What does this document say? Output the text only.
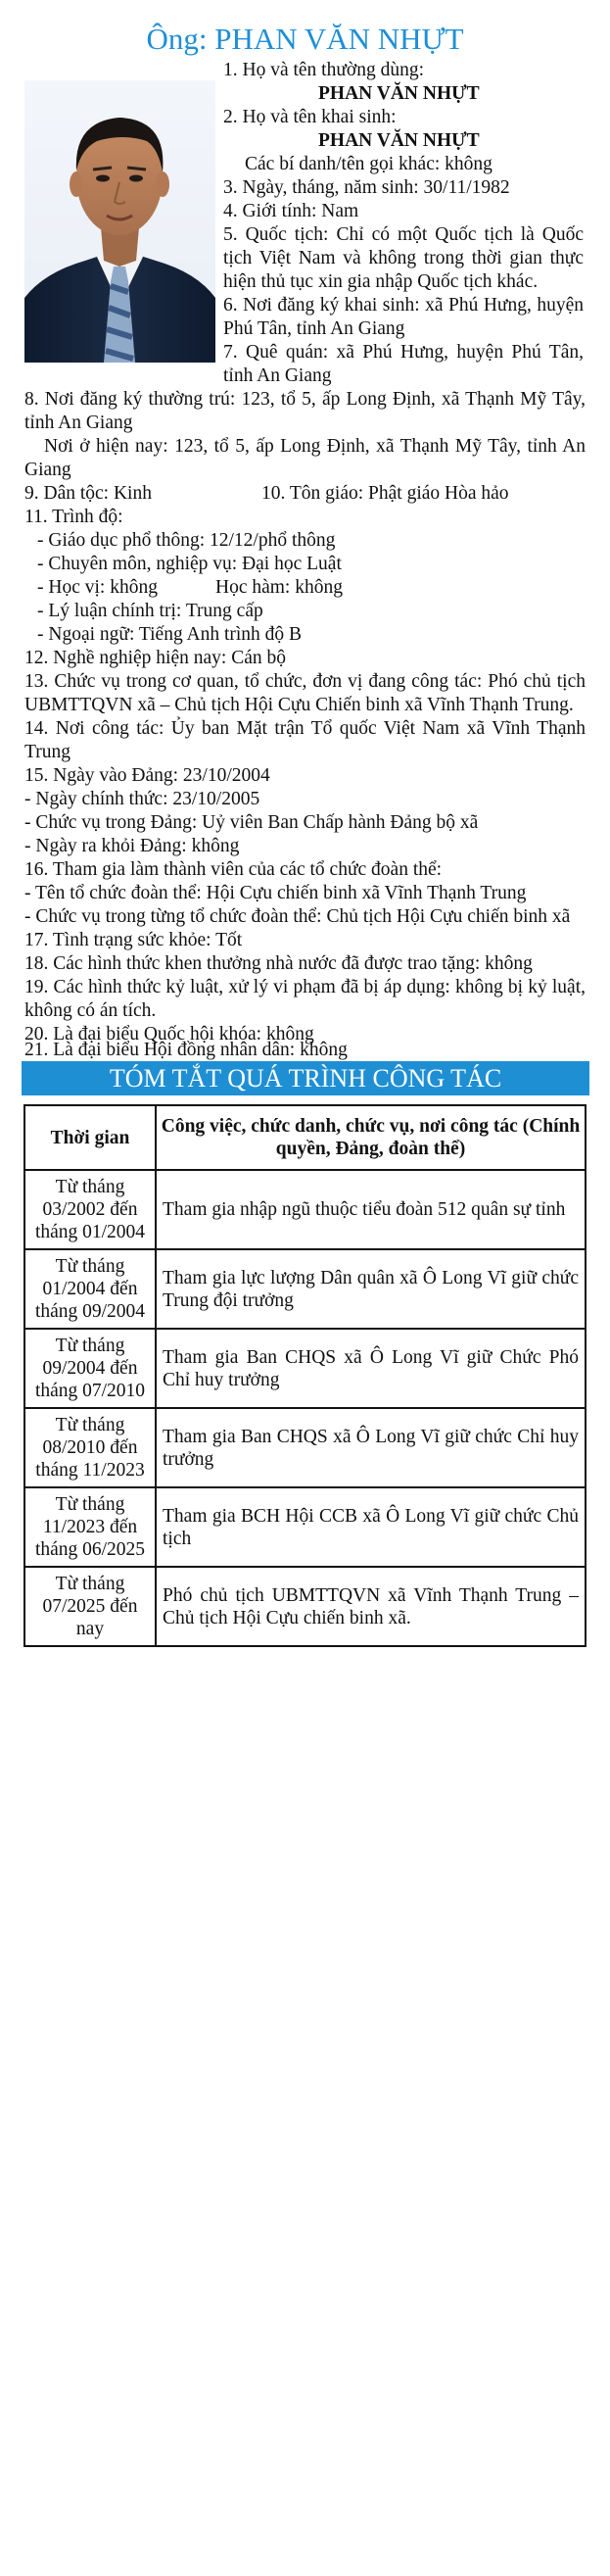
Ông: PHAN VĂN NHỰT
1. Họ và tên thường dùng:
PHAN VĂN NHỰT
2. Họ và tên khai sinh:
PHAN VĂN NHỰT
Các bí danh/tên gọi khác: không
3. Ngày, tháng, năm sinh: 30/11/1982
4. Giới tính: Nam
5. Quốc tịch: Chỉ có một Quốc tịch là Quốc tịch Việt Nam và không trong thời gian thực hiện thủ tục xin gia nhập Quốc tịch khác.
6. Nơi đăng ký khai sinh: xã Phú Hưng, huyện Phú Tân, tỉnh An Giang
7. Quê quán: xã Phú Hưng, huyện Phú Tân, tỉnh An Giang
8. Nơi đăng ký thường trú: 123, tổ 5, ấp Long Định, xã Thạnh Mỹ Tây, tỉnh An Giang
Nơi ở hiện nay: 123, tổ 5, ấp Long Định, xã Thạnh Mỹ Tây, tỉnh An Giang
9. Dân tộc: Kinh	10. Tôn giáo: Phật giáo Hòa hảo
11. Trình độ:
- Giáo dục phổ thông: 12/12/phổ thông
- Chuyên môn, nghiệp vụ: Đại học Luật
- Học vị: không	Học hàm: không
- Lý luận chính trị: Trung cấp
- Ngoại ngữ: Tiếng Anh trình độ B
12. Nghề nghiệp hiện nay: Cán bộ
13. Chức vụ trong cơ quan, tổ chức, đơn vị đang công tác: Phó chủ tịch UBMTTQVN xã – Chủ tịch Hội Cựu Chiến binh xã Vĩnh Thạnh Trung.
14. Nơi công tác: Ủy ban Mặt trận Tổ quốc Việt Nam xã Vĩnh Thạnh Trung
15. Ngày vào Đảng: 23/10/2004
- Ngày chính thức: 23/10/2005
- Chức vụ trong Đảng: Uỷ viên Ban Chấp hành Đảng bộ xã
- Ngày ra khỏi Đảng: không
16. Tham gia làm thành viên của các tổ chức đoàn thể:
- Tên tổ chức đoàn thể: Hội Cựu chiến binh xã Vĩnh Thạnh Trung
- Chức vụ trong từng tổ chức đoàn thể: Chủ tịch Hội Cựu chiến binh xã
17. Tình trạng sức khỏe: Tốt
18. Các hình thức khen thưởng nhà nước đã được trao tặng: không
19. Các hình thức kỷ luật, xử lý vi phạm đã bị áp dụng: không bị kỷ luật, không có án tích.
20. Là đại biểu Quốc hội khóa: không
21. Là đại biểu Hội đồng nhân dân: không
TÓM TẮT QUÁ TRÌNH CÔNG TÁC
Thời gian	Công việc, chức danh, chức vụ, nơi công tác (Chính quyền, Đảng, đoàn thể)
Từ tháng 03/2002 đến tháng 01/2004	Tham gia nhập ngũ thuộc tiểu đoàn 512 quân sự tỉnh
Từ tháng 01/2004 đến tháng 09/2004	Tham gia lực lượng Dân quân xã Ô Long Vĩ giữ chức Trung đội trưởng
Từ tháng 09/2004 đến tháng 07/2010	Tham gia Ban CHQS xã Ô Long Vĩ giữ Chức Phó Chỉ huy trưởng
Từ tháng 08/2010 đến tháng 11/2023	Tham gia Ban CHQS xã Ô Long Vĩ giữ chức Chỉ huy trưởng
Từ tháng 11/2023 đến tháng 06/2025	Tham gia BCH Hội CCB xã Ô Long Vĩ giữ chức Chủ tịch
Từ tháng 07/2025 đến nay	Phó chủ tịch UBMTTQVN xã Vĩnh Thạnh Trung – Chủ tịch Hội Cựu chiến binh xã.
